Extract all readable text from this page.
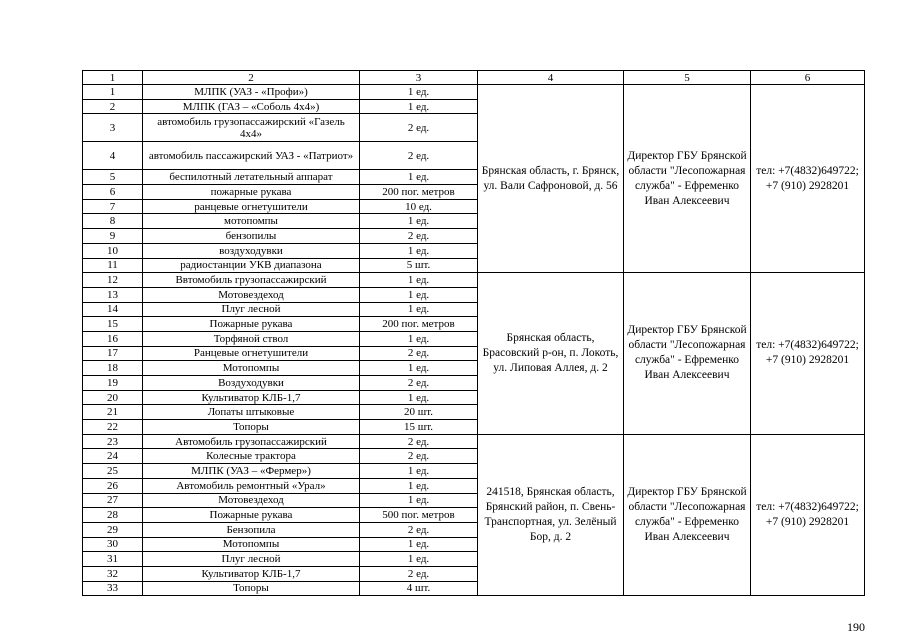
1	2	3	4	5	6
1	МЛПК (УАЗ - «Профи»)	1 ед.	Брянская область, г. Брянск, ул. Вали Сафроновой, д. 56	Директор ГБУ Брянской области "Лесопожарная служба" - Ефременко Иван Алексеевич	тел: +7(4832)649722; +7 (910) 2928201
2	МЛПК (ГАЗ – «Соболь 4х4»)	1 ед.			
3	автомобиль грузопассажирский «Газель 4х4»	2 ед.			
4	автомобиль пассажирский УАЗ - «Патриот»	2 ед.			
5	беспилотный летательный аппарат	1 ед.			
6	пожарные рукава	200 пог. метров			
7	ранцевые огнетушители	10 ед.			
8	мотопомпы	1 ед.			
9	бензопилы	2 ед.			
10	воздуходувки	1 ед.			
11	радиостанции УКВ диапазона	5 шт.			
12	Ввтомобиль грузопассажирский	1 ед.	Брянская область, Брасовский р-он, п. Локоть, ул. Липовая Аллея, д. 2	Директор ГБУ Брянской области "Лесопожарная служба" - Ефременко Иван Алексеевич	тел: +7(4832)649722; +7 (910) 2928201
13	Мотовездеход	1 ед.			
14	Плуг лесной	1 ед.			
15	Пожарные рукава	200 пог. метров			
16	Торфяной ствол	1 ед.			
17	Ранцевые огнетушители	2 ед.			
18	Мотопомпы	1 ед.			
19	Воздуходувки	2 ед.			
20	Культиватор КЛБ-1,7	1 ед.			
21	Лопаты штыковые	20 шт.			
22	Топоры	15 шт.			
23	Автомобиль грузопассажирский	2 ед.	241518, Брянская область, Брянский район, п. Свень-Транспортная, ул. Зелёный Бор, д. 2	Директор ГБУ Брянской области "Лесопожарная служба" - Ефременко Иван Алексеевич	тел: +7(4832)649722; +7 (910) 2928201
24	Колесные трактора	2 ед.			
25	МЛПК (УАЗ – «Фермер»)	1 ед.			
26	Автомобиль ремонтный «Урал»	1 ед.			
27	Мотовездеход	1 ед.			
28	Пожарные рукава	500 пог. метров			
29	Бензопила	2 ед.			
30	Мотопомпы	1 ед.			
31	Плуг лесной	1 ед.			
32	Культиватор КЛБ-1,7	2 ед.			
33	Топоры	4 шт.			
190
